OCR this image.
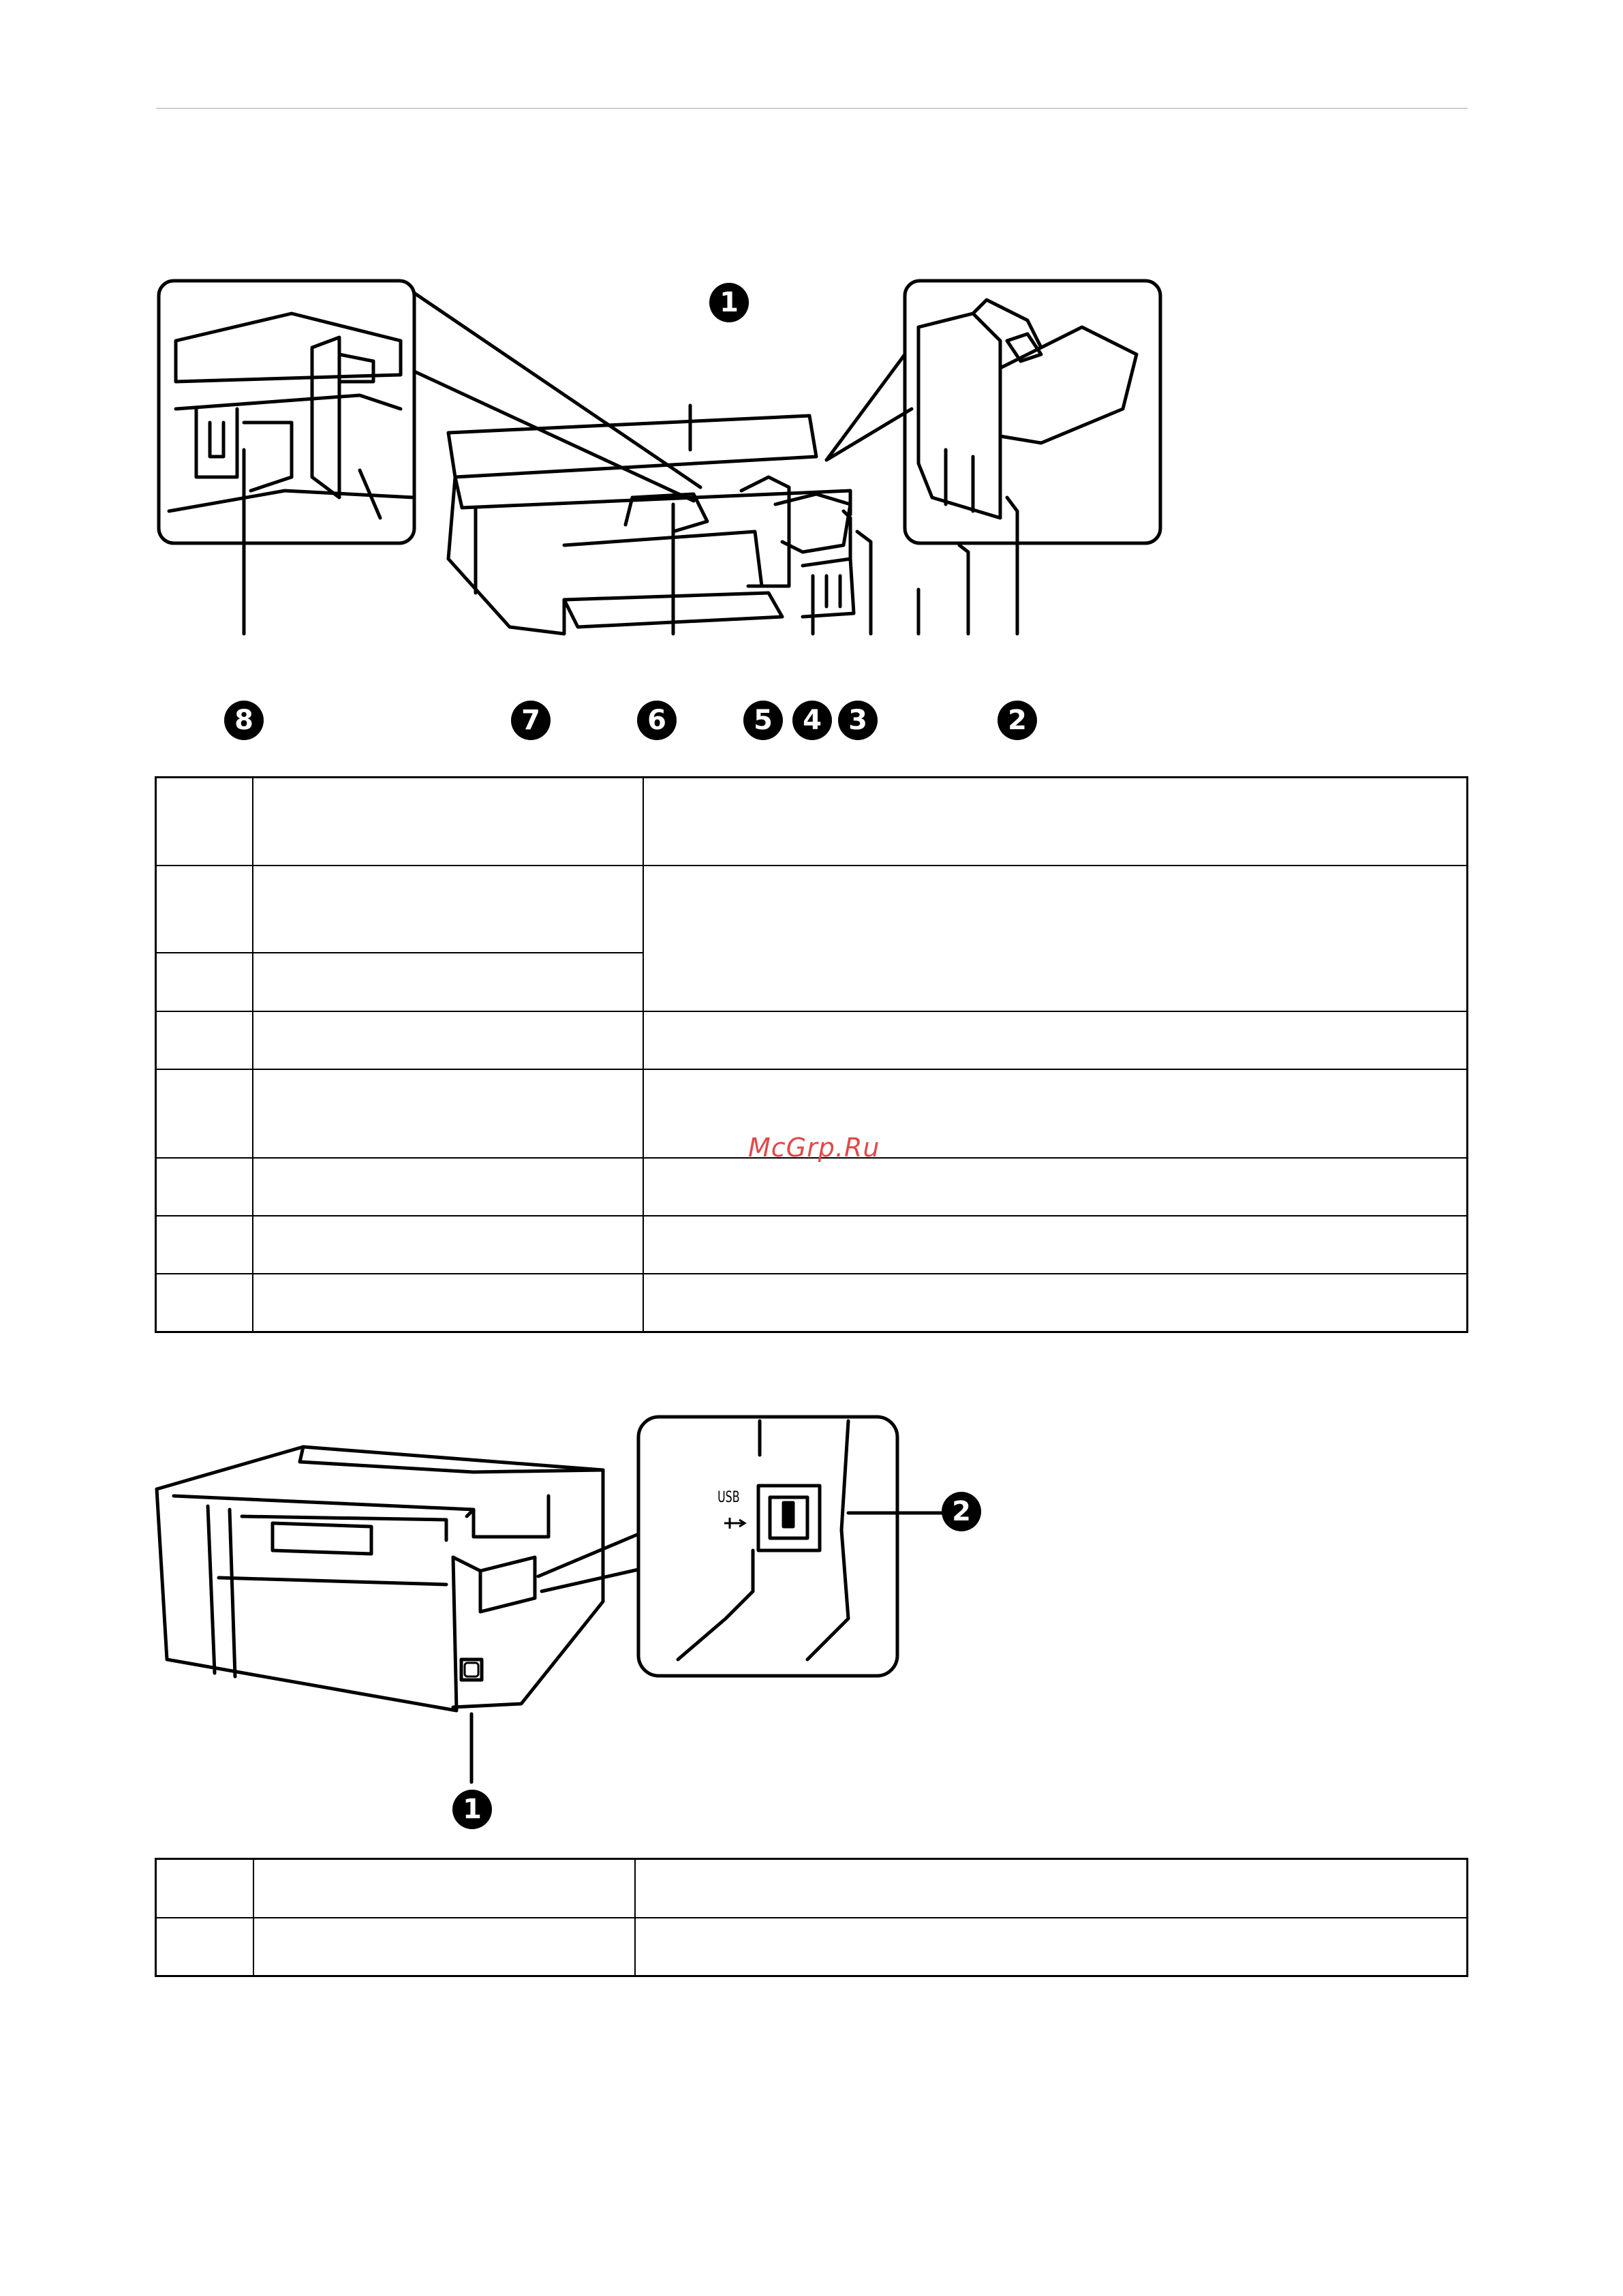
1
2
3
4
5
6
7
8

McGrp.Ru
USB
1
2
